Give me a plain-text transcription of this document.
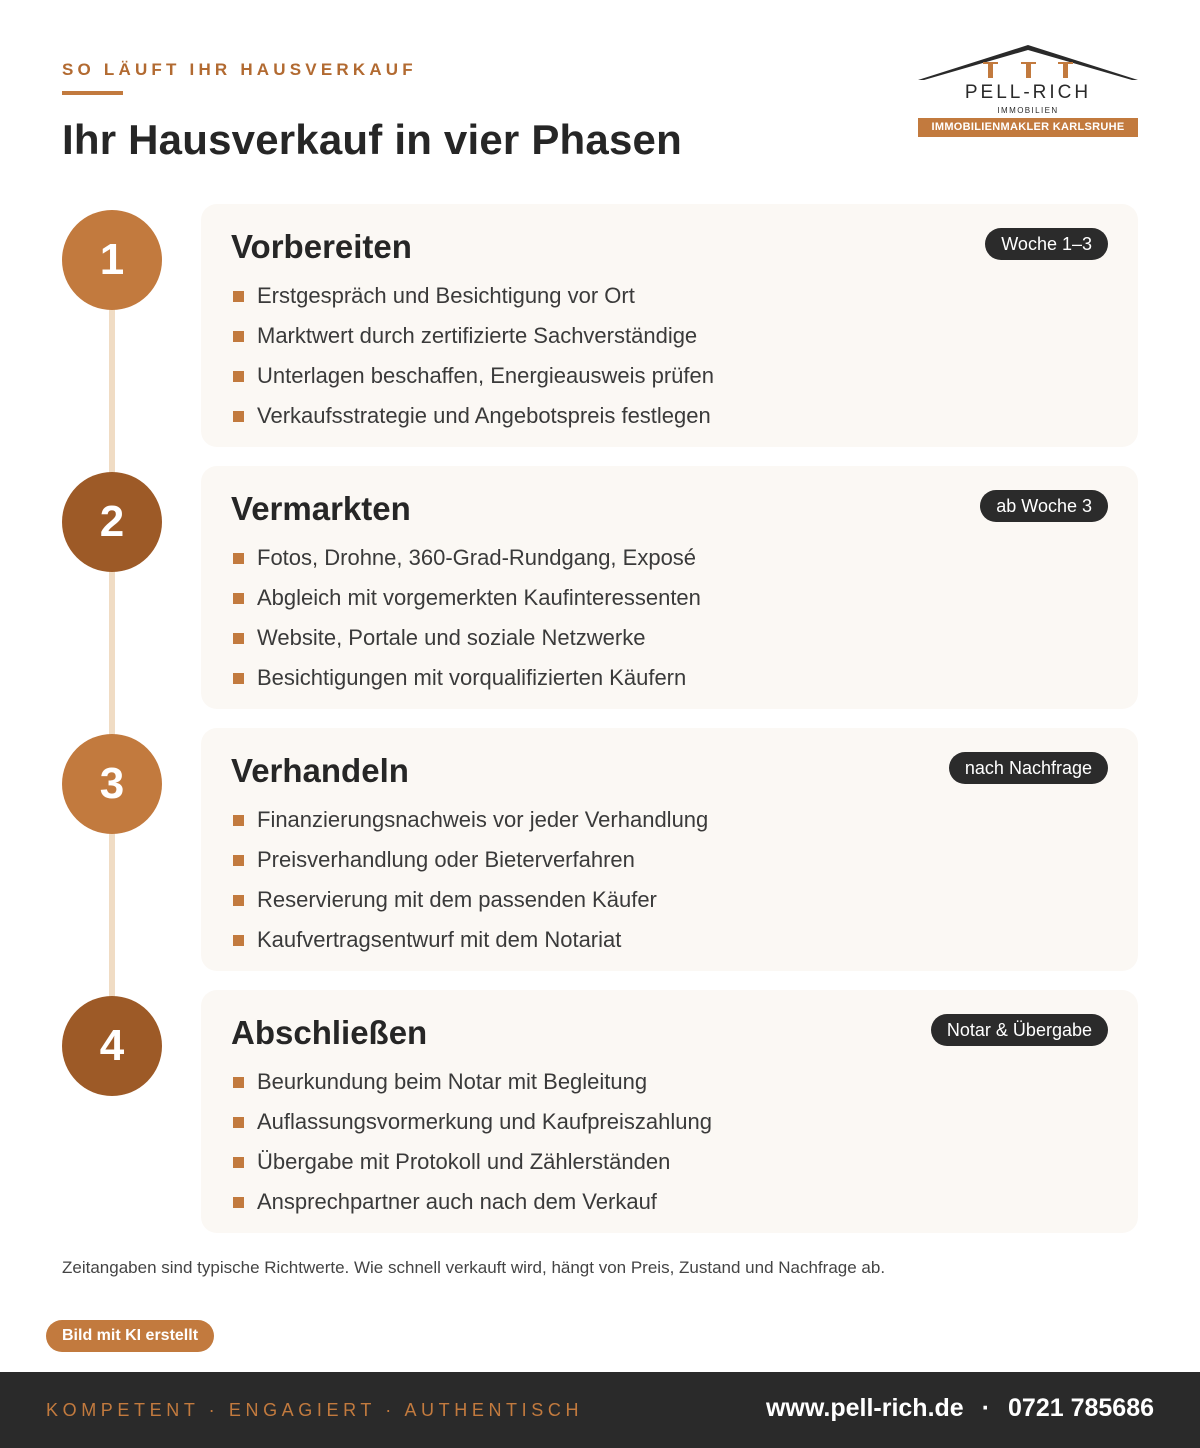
SO LÄUFT IHR HAUSVERKAUF
Ihr Hausverkauf in vier Phasen
PELL-RICH
IMMOBILIEN
IMMOBILIENMAKLER KARLSRUHE
1	Vorbereiten	Woche 1–3
Erstgespräch und Besichtigung vor Ort
Marktwert durch zertifizierte Sachverständige
Unterlagen beschaffen, Energieausweis prüfen
Verkaufsstrategie und Angebotspreis festlegen
2	Vermarkten	ab Woche 3
Fotos, Drohne, 360-Grad-Rundgang, Exposé
Abgleich mit vorgemerkten Kaufinteressenten
Website, Portale und soziale Netzwerke
Besichtigungen mit vorqualifizierten Käufern
3	Verhandeln	nach Nachfrage
Finanzierungsnachweis vor jeder Verhandlung
Preisverhandlung oder Bieterverfahren
Reservierung mit dem passenden Käufer
Kaufvertragsentwurf mit dem Notariat
4	Abschließen	Notar & Übergabe
Beurkundung beim Notar mit Begleitung
Auflassungsvormerkung und Kaufpreiszahlung
Übergabe mit Protokoll und Zählerständen
Ansprechpartner auch nach dem Verkauf
Zeitangaben sind typische Richtwerte. Wie schnell verkauft wird, hängt von Preis, Zustand und Nachfrage ab.
Bild mit KI erstellt
KOMPETENT · ENGAGIERT · AUTHENTISCH	www.pell-rich.de · 0721 785686
